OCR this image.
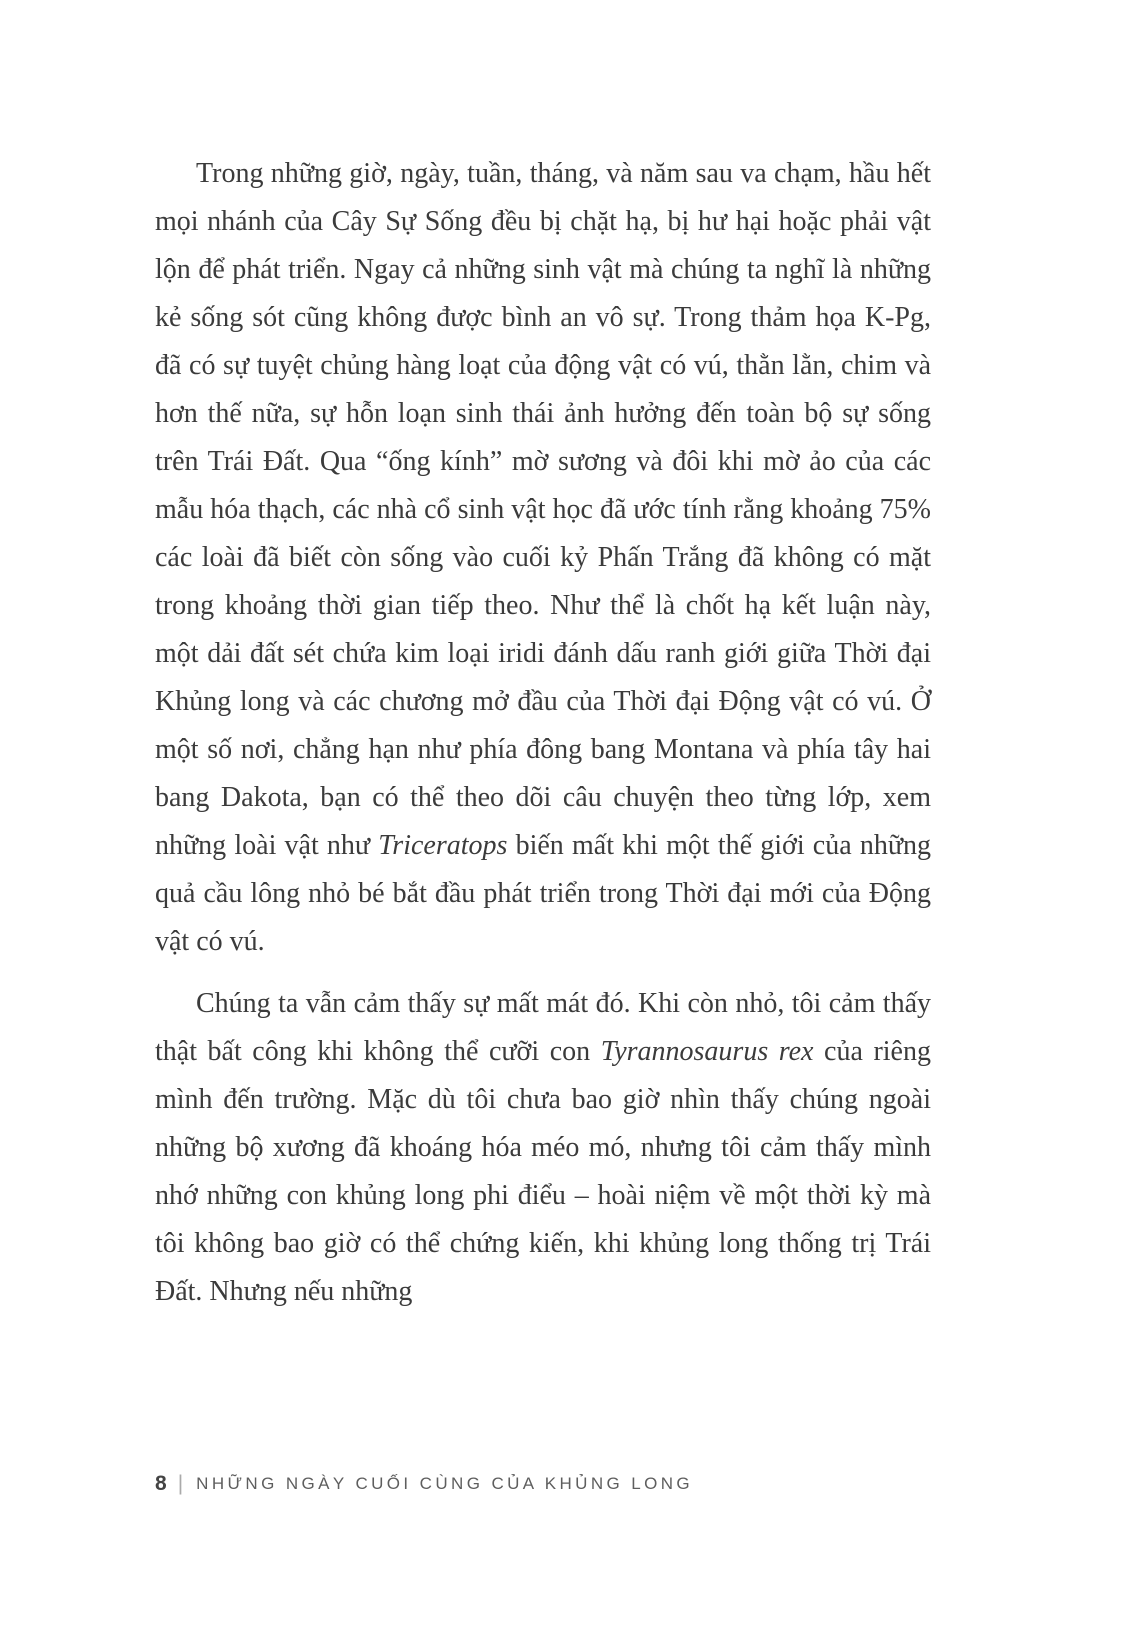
Trong những giờ, ngày, tuần, tháng, và năm sau va chạm, hầu hết mọi nhánh của Cây Sự Sống đều bị chặt hạ, bị hư hại hoặc phải vật lộn để phát triển. Ngay cả những sinh vật mà chúng ta nghĩ là những kẻ sống sót cũng không được bình an vô sự. Trong thảm họa K-Pg, đã có sự tuyệt chủng hàng loạt của động vật có vú, thằn lằn, chim và hơn thế nữa, sự hỗn loạn sinh thái ảnh hưởng đến toàn bộ sự sống trên Trái Đất. Qua “ống kính” mờ sương và đôi khi mờ ảo của các mẫu hóa thạch, các nhà cổ sinh vật học đã ước tính rằng khoảng 75% các loài đã biết còn sống vào cuối kỷ Phấn Trắng đã không có mặt trong khoảng thời gian tiếp theo. Như thể là chốt hạ kết luận này, một dải đất sét chứa kim loại iridi đánh dấu ranh giới giữa Thời đại Khủng long và các chương mở đầu của Thời đại Động vật có vú. Ở một số nơi, chẳng hạn như phía đông bang Montana và phía tây hai bang Dakota, bạn có thể theo dõi câu chuyện theo từng lớp, xem những loài vật như Triceratops biến mất khi một thế giới của những quả cầu lông nhỏ bé bắt đầu phát triển trong Thời đại mới của Động vật có vú.

Chúng ta vẫn cảm thấy sự mất mát đó. Khi còn nhỏ, tôi cảm thấy thật bất công khi không thể cưỡi con Tyrannosaurus rex của riêng mình đến trường. Mặc dù tôi chưa bao giờ nhìn thấy chúng ngoài những bộ xương đã khoáng hóa méo mó, nhưng tôi cảm thấy mình nhớ những con khủng long phi điểu – hoài niệm về một thời kỳ mà tôi không bao giờ có thể chứng kiến, khi khủng long thống trị Trái Đất. Nhưng nếu những

8 | NHỮNG NGÀY CUỐI CÙNG CỦA KHỦNG LONG
